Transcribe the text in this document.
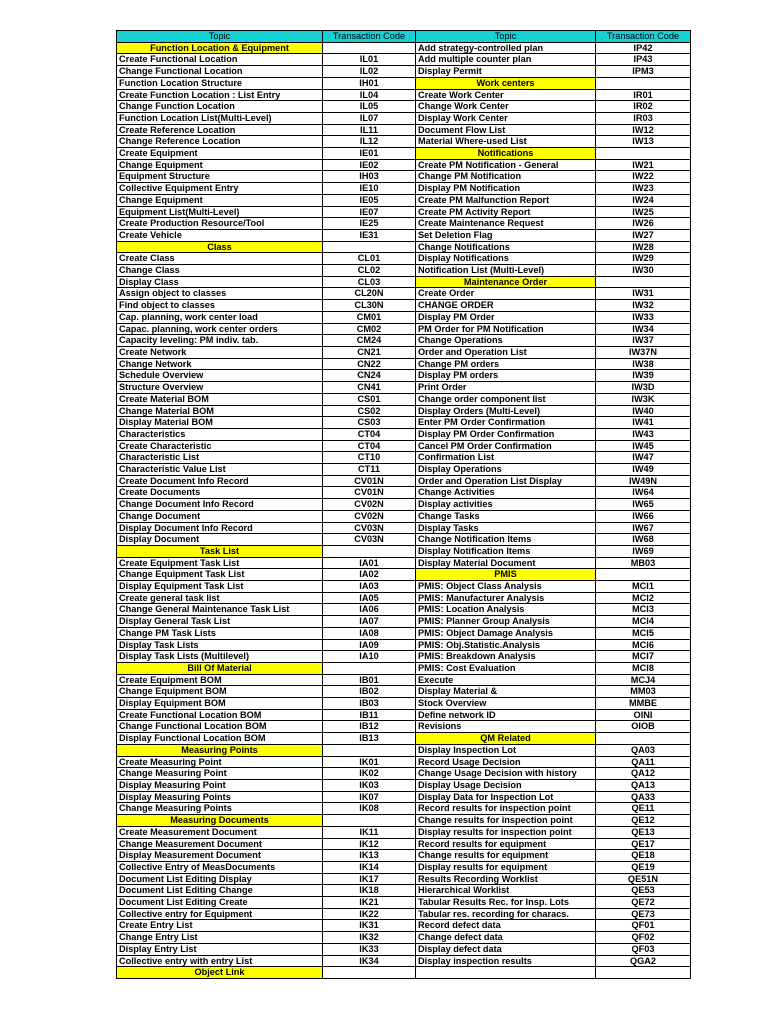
Topic	Transaction Code	Topic	Transaction Code
Function Location & Equipment		Add strategy-controlled plan	IP42
Create Functional Location	IL01	Add multiple counter plan	IP43
Change Functional Location	IL02	Display Permit	IPM3
Function Location Structure	IH01	Work centers	
Create Function Location : List Entry	IL04	Create Work Center	IR01
Change Function Location	IL05	Change Work Center	IR02
Function Location List(Multi-Level)	IL07	Display Work Center	IR03
Create Reference Location	IL11	Document Flow List	IW12
Change Reference Location	IL12	Material Where-used List	IW13
Create Equipment	IE01	Notifications	
Change Equipment	IE02	Create PM Notification - General	IW21
Equipment Structure	IH03	Change PM Notification	IW22
Collective Equipment Entry	IE10	Display PM Notification	IW23
Change Equipment	IE05	Create PM Malfunction Report	IW24
Equipment List(Multi-Level)	IE07	Create PM Activity Report	IW25
Create Production Resource/Tool	IE25	Create Maintenance Request	IW26
Create Vehicle	IE31	Set Deletion Flag	IW27
Class		Change Notifications	IW28
Create Class	CL01	Display Notifications	IW29
Change Class	CL02	Notification List (Multi-Level)	IW30
Display Class	CL03	Maintenance Order	
Assign object to classes	CL20N	Create Order	IW31
Find object to classes	CL30N	CHANGE ORDER	IW32
Cap. planning, work center load	CM01	Display PM Order	IW33
Capac. planning, work center orders	CM02	PM Order for PM Notification	IW34
Capacity leveling: PM indiv. tab.	CM24	Change Operations	IW37
Create Network	CN21	Order and Operation List	IW37N
Change Network	CN22	Change PM orders	IW38
Schedule Overview	CN24	Display PM orders	IW39
Structure Overview	CN41	Print Order	IW3D
Create Material BOM	CS01	Change order component list	IW3K
Change Material BOM	CS02	Display Orders (Multi-Level)	IW40
Display Material BOM	CS03	Enter PM Order Confirmation	IW41
Characteristics	CT04	Display PM Order Confirmation	IW43
Create Characteristic	CT04	Cancel PM Order Confirmation	IW45
Characteristic List	CT10	Confirmation List	IW47
Characteristic Value List	CT11	Display Operations	IW49
Create Document Info Record	CV01N	Order and Operation List Display	IW49N
Create Documents	CV01N	Change Activities	IW64
Change Document Info Record	CV02N	Display activities	IW65
Change Document	CV02N	Change Tasks	IW66
Display Document Info Record	CV03N	Display Tasks	IW67
Display Document	CV03N	Change Notification Items	IW68
Task List		Display Notification Items	IW69
Create Equipment Task List	IA01	Display Material Document	MB03
Change Equipment Task List	IA02	PMIS	
Display Equipment Task List	IA03	PMIS: Object Class Analysis	MCI1
Create general task list	IA05	PMIS: Manufacturer Analysis	MCI2
Change General Maintenance Task List	IA06	PMIS: Location Analysis	MCI3
Display General Task List	IA07	PMIS: Planner Group Analysis	MCI4
Change PM Task Lists	IA08	PMIS: Object Damage Analysis	MCI5
Display Task Lists	IA09	PMIS: Obj.Statistic.Analysis	MCI6
Display Task Lists (Multilevel)	IA10	PMIS: Breakdown Analysis	MCI7
Bill Of Material		PMIS: Cost Evaluation	MCI8
Create Equipment BOM	IB01	Execute	MCJ4
Change Equipment BOM	IB02	Display Material &	MM03
Display Equipment BOM	IB03	Stock Overview	MMBE
Create Functional Location BOM	IB11	Define network ID	OINI
Change Functional Location BOM	IB12	Revisions	OIOB
Display Functional Location BOM	IB13	QM Related	
Measuring Points		Display Inspection Lot	QA03
Create Measuring Point	IK01	Record Usage Decision	QA11
Change Measuring Point	IK02	Change Usage Decision with history	QA12
Display Measuring Point	IK03	Display Usage Decision	QA13
Display Measuring Points	IK07	Display Data for Inspection Lot	QA33
Change Measuring Points	IK08	Record results for inspection point	QE11
Measuring Documents		Change results for inspection point	QE12
Create Measurement Document	IK11	Display results for inspection point	QE13
Change Measurement Document	IK12	Record results for equipment	QE17
Display Measurement Document	IK13	Change results for equipment	QE18
Collective Entry of MeasDocuments	IK14	Display results for equipment	QE19
Document List Editing Display	IK17	Results Recording Worklist	QE51N
Document List Editing Change	IK18	Hierarchical Worklist	QE53
Document List Editing Create	IK21	Tabular Results Rec. for Insp. Lots	QE72
Collective entry for Equipment	IK22	Tabular res. recording for characs.	QE73
Create Entry List	IK31	Record defect data	QF01
Change Entry List	IK32	Change defect data	QF02
Display Entry List	IK33	Display defect data	QF03
Collective entry with entry List	IK34	Display inspection results	QGA2
Object Link			
